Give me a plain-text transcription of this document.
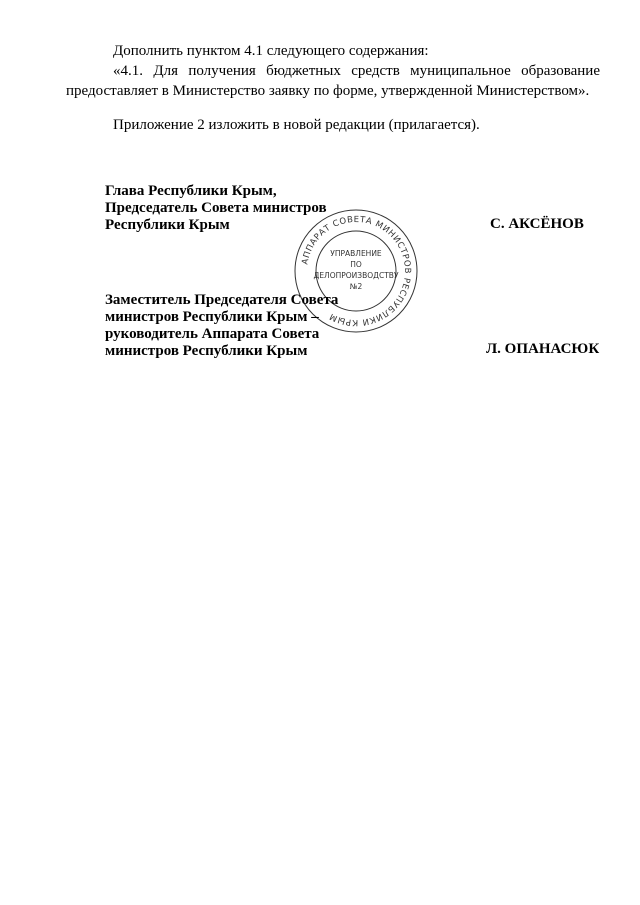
Дополнить пунктом 4.1 следующего содержания:

«4.1. Для получения бюджетных средств муниципальное образование

предоставляет в Министерство заявку по форме, утвержденной Министерством».

Приложение 2 изложить в новой редакции (прилагается).

Глава Республики Крым,

Председатель Совета министров

Республики Крым	С. АКСЁНОВ

АППАРАТ СОВЕТА МИНИСТРОВ РЕСПУБЛИКИ КРЫМ
УПРАВЛЕНИЕ
ПО
ДЕЛОПРОИЗВОДСТВУ
№2

Заместитель Председателя Совета

министров Республики Крым –

руководитель Аппарата Совета

министров Республики Крым	Л. ОПАНАСЮК
